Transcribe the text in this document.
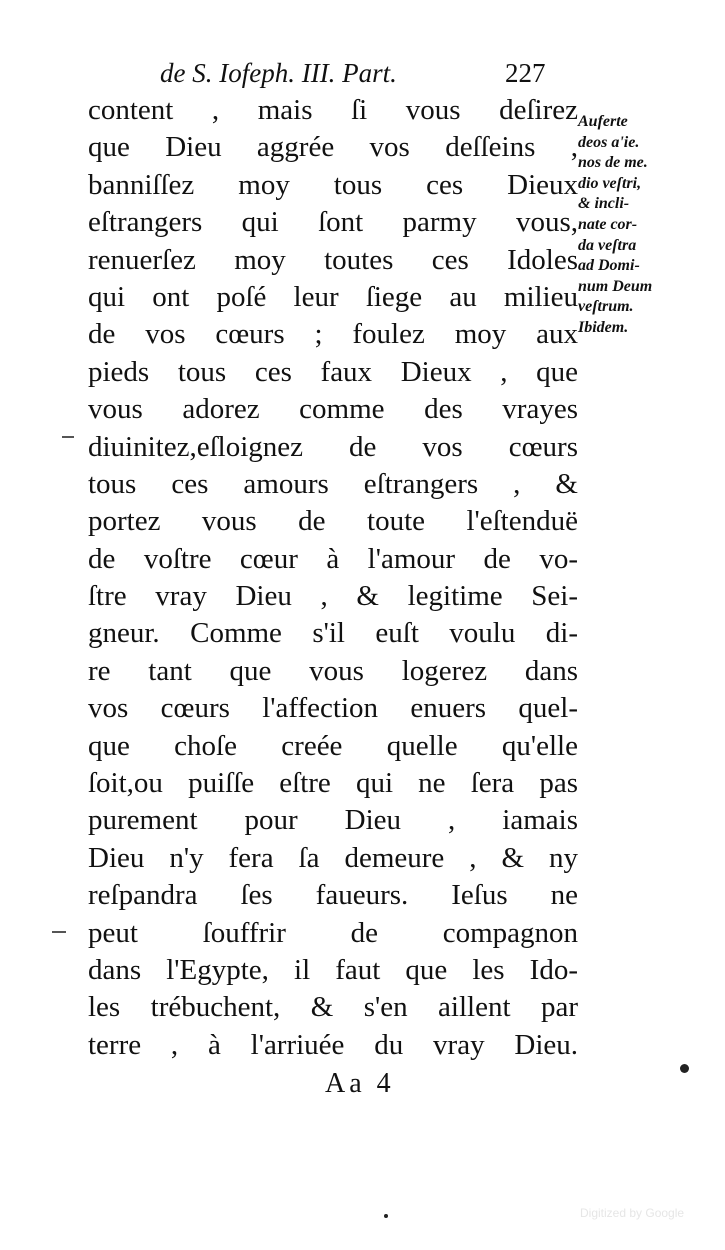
de S. Iofeph. III. Part.	227
content , mais ſi vous deſirez
que Dieu aggrée vos deſſeins ,
banniſſez moy tous ces Dieux
eſtrangers qui ſont parmy vous,
renuerſez moy toutes ces Idoles
qui ont poſé leur ſiege au milieu
de vos cœurs ; foulez moy aux
pieds tous ces faux Dieux , que
vous adorez comme des vrayes
diuinitez,eſloignez de vos cœurs
tous ces amours eſtrangers , &
portez vous de toute l'eſtenduë
de voſtre cœur à l'amour de vo-
ſtre vray Dieu , & legitime Sei-
gneur. Comme s'il euſt voulu di-
re tant que vous logerez dans
vos cœurs l'affection enuers quel-
que choſe creée quelle qu'elle
ſoit,ou puiſſe eſtre qui ne ſera pas
purement pour Dieu , iamais
Dieu n'y fera ſa demeure , & ny
reſpandra ſes faueurs. Ieſus ne
peut ſouffrir de compagnon
dans l'Egypte, il faut que les Ido-
les trébuchent, & s'en aillent par
terre , à l'arriuée du vray Dieu.
Auferte
deos a'ie.
nos de me.
dio veſtri,
& incli-
nate cor-
da veſtra
ad Domi-
num Deum
veſtrum.
Ibidem.
Aa 4
Digitized by Google
